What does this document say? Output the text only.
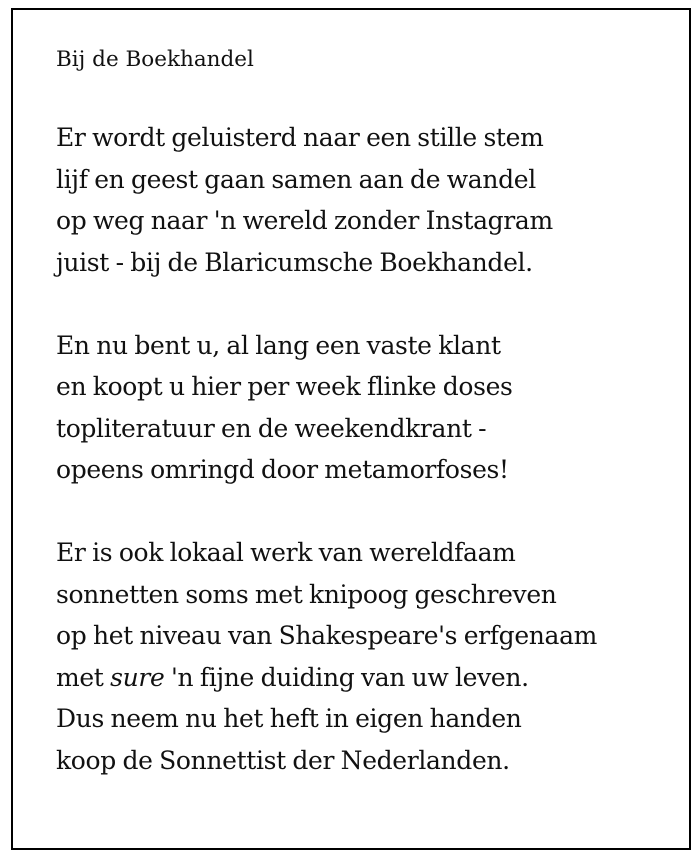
Bij de Boekhandel

Er wordt geluisterd naar een stille stem
lijf en geest gaan samen aan de wandel
op weg naar 'n wereld zonder Instagram
juist - bij de Blaricumsche Boekhandel.

En nu bent u, al lang een vaste klant
en koopt u hier per week flinke doses
topliteratuur en de weekendkrant -
opeens omringd door metamorfoses!

Er is ook lokaal werk van wereldfaam
sonnetten soms met knipoog geschreven
op het niveau van Shakespeare's erfgenaam
met sure 'n fijne duiding van uw leven.
Dus neem nu het heft in eigen handen
koop de Sonnettist der Nederlanden.
